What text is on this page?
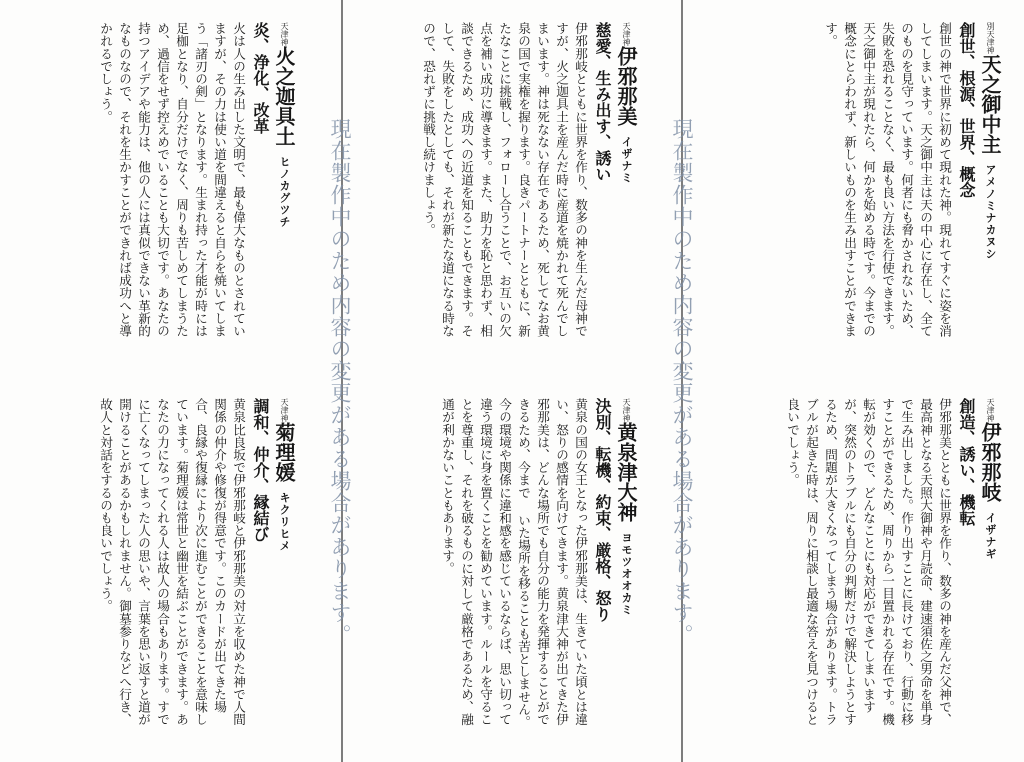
別天津神天之御中主アメノミナカヌシ
創世、根源、世界、概念
創世の神で世界に初めて現れた神。現れてすぐに姿を消してしまいます。天之御中主は天の中心に存在し、全てのものを見守っています。何者にも脅かされないため、失敗を恐れることなく、最も良い方法を行使できます。天之御中主が現れたら、何かを始める時です。今までの概念にとらわれず、新しいものを生み出すことができます。
天津神伊邪那岐イザナギ
創造、誘い、機転
伊邪那美とともに世界を作り、数多の神を産んだ父神で、最高神となる天照大御神や月読命、建速須佐之男命を単身で生み出しました。作り出すことに長けており、行動に移すことができるため、周りから一目置かれる存在です。機転が効くので、どんなことにも対応ができてしまいますが、突然のトラブルにも自分の判断だけで解決しようとするため、問題が大きくなってしまう場合があります。トラブルが起きた時は、周りに相談し最適な答えを見つけると良いでしょう。
天津神伊邪那美イザナミ
慈愛、生み出す、誘い
伊邪那岐とともに世界を作り、数多の神を生んだ母神ですが、火之迦具土を産んだ時に産道を焼かれて死んでしまいます。神は死なない存在であるため、死してなお黄泉の国で実権を握ります。良きパートナーとともに、新たなことに挑戦し、フォローし合うことで、お互いの欠点を補い成功に導きます。また、助力を恥と思わず、相談できるため、成功への近道を知ることもできます。そして、失敗をしたとしても、それが新たな道になる時なので、恐れずに挑戦し続けましょう。
天津神黄泉津大神ヨモツオオカミ
決別、転機、約束、厳格、怒り
黄泉の国の女王となった伊邪那美は、生きていた頃とは違い、怒りの感情を向けてきます。黄泉津大神が出てきた伊邪那美は、どんな場所でも自分の能力を発揮することができるため、今まで いた場所を移ることも苦としません。今の環境や関係に違和感を感じているならば、思い切って違う環境に身を置くことを勧めています。ルールを守ることを尊重し、それを破るものに対して厳格であるため、融通が利かないこともあります。
天津神火之迦具土ヒノカグツチ
炎、浄化、改革
火は人の生み出した文明で、最も偉大なものとされていますが、その力は使い道を間違えると自らを焼いてしまう「諸刃の剣」となります。生まれ持った才能が時には足枷となり、自分だけでなく、周りも苦しめてしまうため、過信をせず控えめでいることも大切です。あなたの持つアイデアや能力は、他の人には真似できない革新的なものなので、それを生かすことができれば成功へと導かれるでしょう。
天津神菊理媛キクリヒメ
調和、仲介、縁結び
黄泉比良坂で伊邪那岐と伊邪那美の対立を収めた神で人間関係の仲介や修復が得意です。このカードが出てきた場合、良縁や復縁により次に進むことができることを意味しています。菊理媛は常世と幽世を結ぶことができます。あなたの力になってくれる人は故人の場合もあります。すでに亡くなってしまった人の思いや、言葉を思い返すと道が開けることがあるかもしれません。御墓参りなどへ行き、故人と対話をするのも良いでしょう。	現在製作中のため内容の変更がある場合があります。	現在製作中のため内容の変更がある場合があります。
